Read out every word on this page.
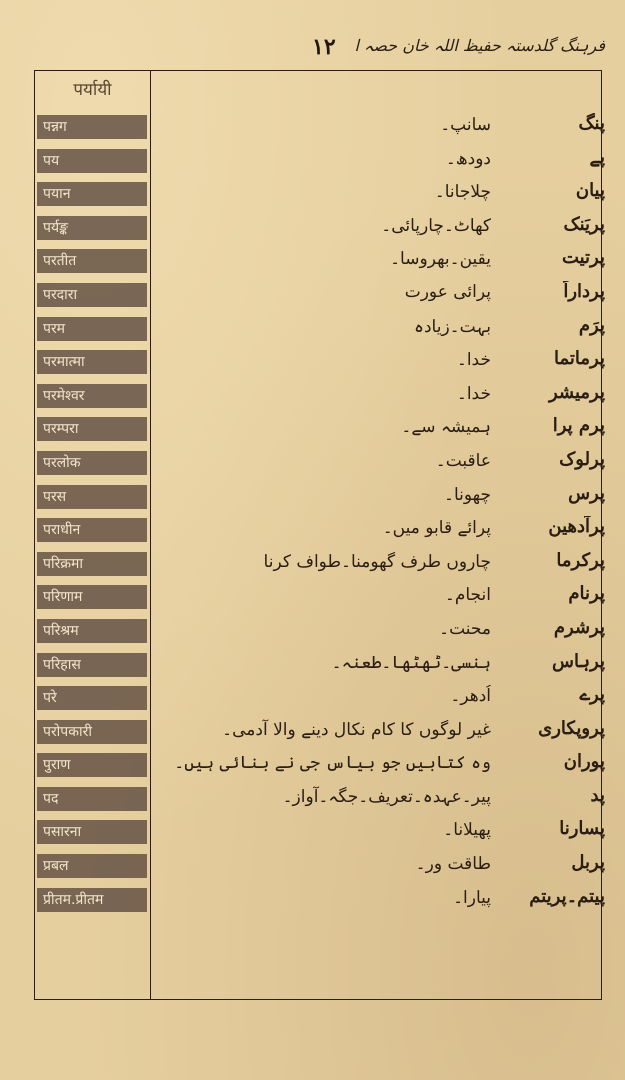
١٢ فرہنگ گلدستہ حفیظ اللہ خان حصہ ا
पर्यायी
पन्नग	سانپ۔	پنگ
पय	دودھ۔	پے
पयान	چلاجانا۔	پیان
पर्यङ्क	کھاٹ۔چارپائی۔	پریَنک
परतीत	یقین۔بھروسا۔	پرتیت
परदारा	پرائی عورت	پرداراً
परम	بہت۔زیادہ	پرَم
परमात्मा	خدا۔	پرماتما
परमेश्वर	خدا۔	پرمیشر
परम्परा	ہمیشہ سے۔	پرم پرا
परलोक	عاقبت۔	پرلوک
परस	چھونا۔	پرس
पराधीन	پرائے قابو میں۔	پرآدھین
परिक्रमा	چاروں طرف گھومنا۔طواف کرنا	پرکرما
परिणाम	انجام۔	پرنام
परिश्रम	محنت۔	پرشرم
परिहास	ہنسی۔ٹھٹھا۔طعنہ۔	پرہاس
परे	اُدھر۔	پرے
परोपकारी	غیر لوگوں کا کام نکال دینے والا آدمی۔	پروپکاری
पुराण	وہ کتابیں جو بیاس جی نے بنائی ہیں۔	پوران
पद	پیر۔عہدہ۔تعریف۔جگہ۔آواز۔	پد
पसारना	پھیلانا۔	پسارنا
प्रबल	طاقت ور۔	پربل
प्रीतम.प्रीतम	پیارا۔	پیتم۔پریتم
